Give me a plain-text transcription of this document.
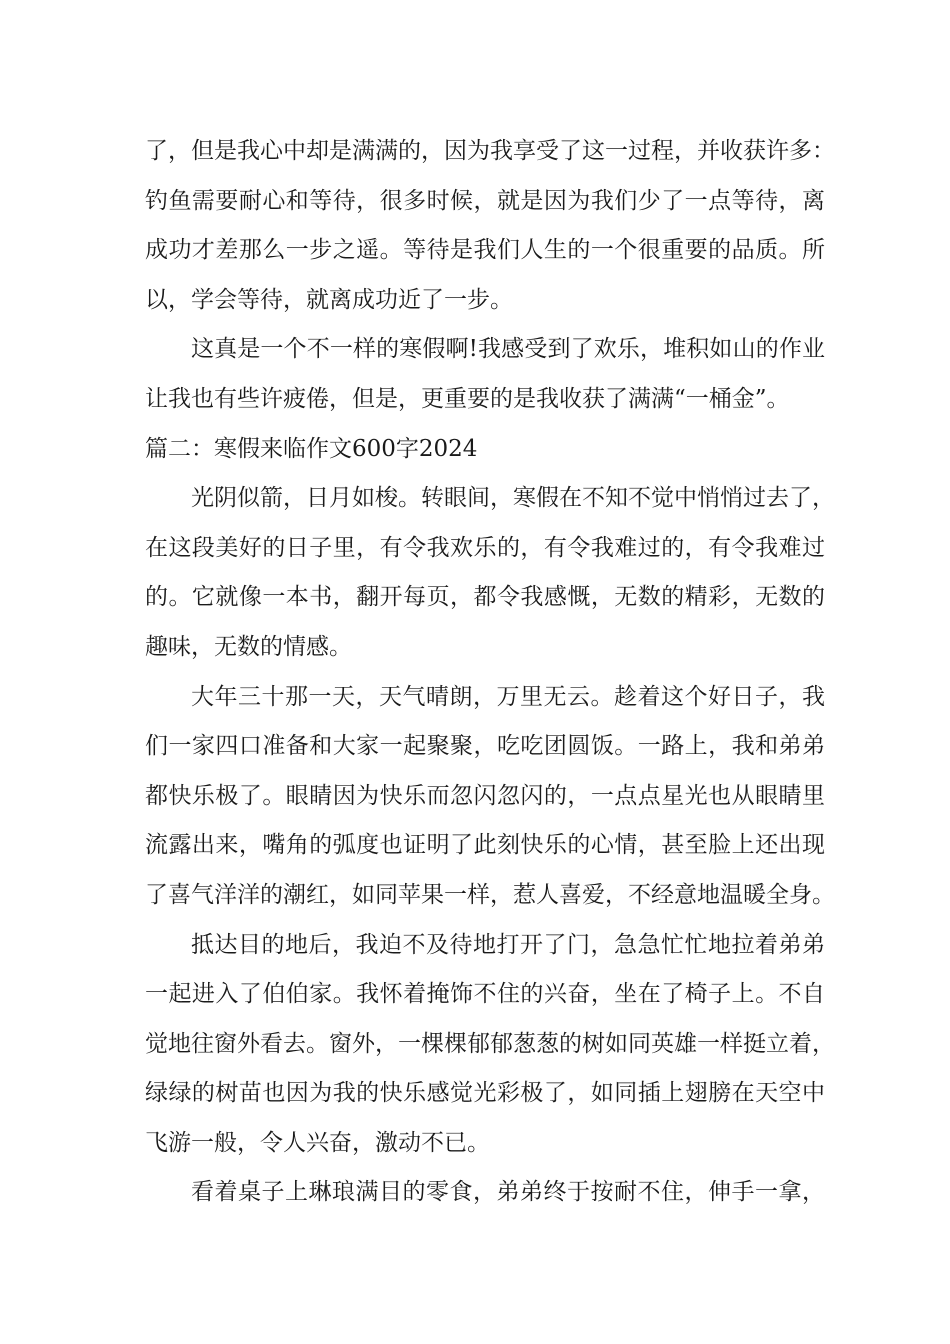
了，但是我心中却是满满的，因为我享受了这一过程，并收获许多：
钓鱼需要耐心和等待，很多时候，就是因为我们少了一点等待，离
成功才差那么一步之遥。等待是我们人生的一个很重要的品质。所
以，学会等待，就离成功近了一步。
这真是一个不一样的寒假啊!我感受到了欢乐，堆积如山的作业
让我也有些许疲倦，但是，更重要的是我收获了满满“一桶金”。
篇二：寒假来临作文600字2024
光阴似箭，日月如梭。转眼间，寒假在不知不觉中悄悄过去了，
在这段美好的日子里，有令我欢乐的，有令我难过的，有令我难过
的。它就像一本书，翻开每页，都令我感慨，无数的精彩，无数的
趣味，无数的情感。
大年三十那一天，天气晴朗，万里无云。趁着这个好日子，我
们一家四口准备和大家一起聚聚，吃吃团圆饭。一路上，我和弟弟
都快乐极了。眼睛因为快乐而忽闪忽闪的，一点点星光也从眼睛里
流露出来，嘴角的弧度也证明了此刻快乐的心情，甚至脸上还出现
了喜气洋洋的潮红，如同苹果一样，惹人喜爱，不经意地温暖全身。
抵达目的地后，我迫不及待地打开了门，急急忙忙地拉着弟弟
一起进入了伯伯家。我怀着掩饰不住的兴奋，坐在了椅子上。不自
觉地往窗外看去。窗外，一棵棵郁郁葱葱的树如同英雄一样挺立着，
绿绿的树苗也因为我的快乐感觉光彩极了，如同插上翅膀在天空中
飞游一般，令人兴奋，激动不已。
看着桌子上琳琅满目的零食，弟弟终于按耐不住，伸手一拿，
